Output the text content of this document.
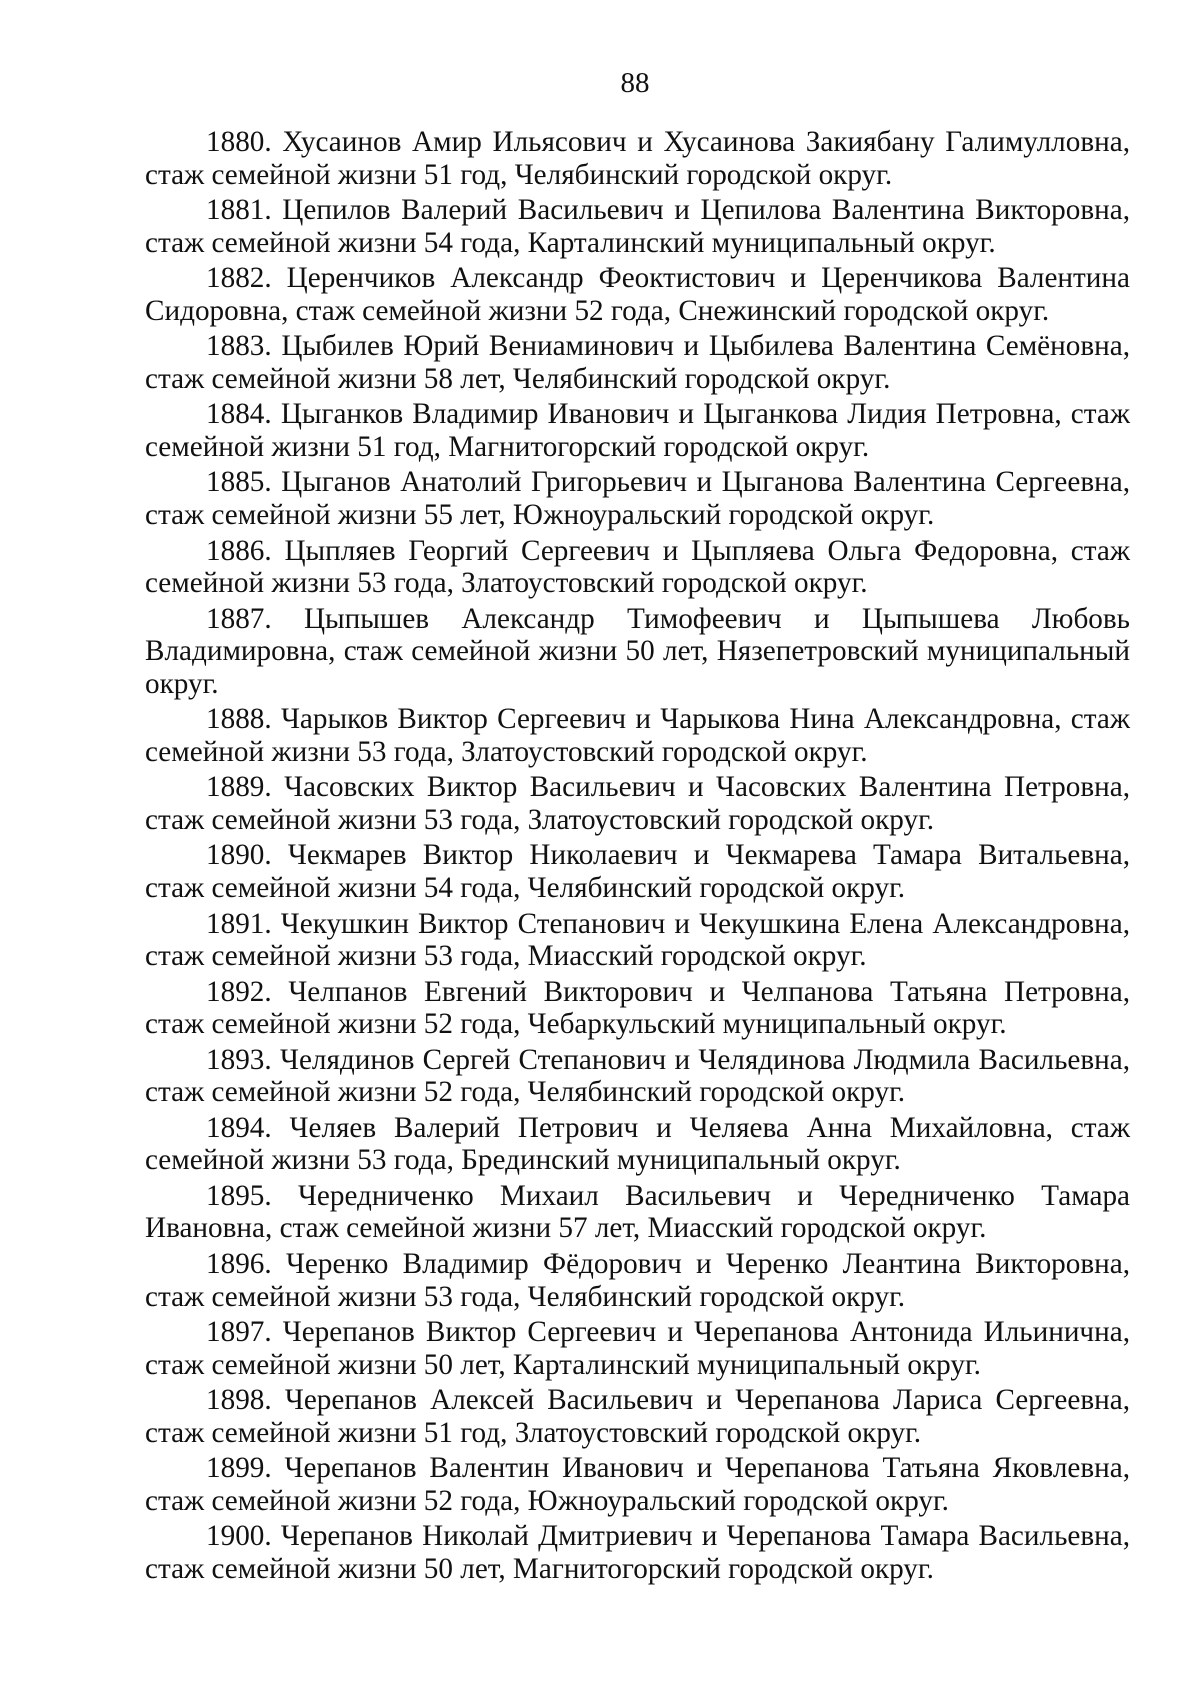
88

1880. Хусаинов Амир Ильясович и Хусаинова Закиябану Галимулловна, стаж семейной жизни 51 год, Челябинский городской округ.

1881. Цепилов Валерий Васильевич и Цепилова Валентина Викторовна, стаж семейной жизни 54 года, Карталинский муниципальный округ.

1882. Церенчиков Александр Феоктистович и Церенчикова Валентина Сидоровна, стаж семейной жизни 52 года, Снежинский городской округ.

1883. Цыбилев Юрий Вениаминович и Цыбилева Валентина Семёновна, стаж семейной жизни 58 лет, Челябинский городской округ.

1884. Цыганков Владимир Иванович и Цыганкова Лидия Петровна, стаж семейной жизни 51 год, Магнитогорский городской округ.

1885. Цыганов Анатолий Григорьевич и Цыганова Валентина Сергеевна, стаж семейной жизни 55 лет, Южноуральский городской округ.

1886. Цыпляев Георгий Сергеевич и Цыпляева Ольга Федоровна, стаж семейной жизни 53 года, Златоустовский городской округ.

1887. Цыпышев Александр Тимофеевич и Цыпышева Любовь Владимировна, стаж семейной жизни 50 лет, Нязепетровский муниципальный округ.

1888. Чарыков Виктор Сергеевич и Чарыкова Нина Александровна, стаж семейной жизни 53 года, Златоустовский городской округ.

1889. Часовских Виктор Васильевич и Часовских Валентина Петровна, стаж семейной жизни 53 года, Златоустовский городской округ.

1890. Чекмарев Виктор Николаевич и Чекмарева Тамара Витальевна, стаж семейной жизни 54 года, Челябинский городской округ.

1891. Чекушкин Виктор Степанович и Чекушкина Елена Александровна, стаж семейной жизни 53 года, Миасский городской округ.

1892. Челпанов Евгений Викторович и Челпанова Татьяна Петровна, стаж семейной жизни 52 года, Чебаркульский муниципальный округ.

1893. Челядинов Сергей Степанович и Челядинова Людмила Васильевна, стаж семейной жизни 52 года, Челябинский городской округ.

1894. Челяев Валерий Петрович и Челяева Анна Михайловна, стаж семейной жизни 53 года, Брединский муниципальный округ.

1895. Чередниченко Михаил Васильевич и Чередниченко Тамара Ивановна, стаж семейной жизни 57 лет, Миасский городской округ.

1896. Черенко Владимир Фёдорович и Черенко Леантина Викторовна, стаж семейной жизни 53 года, Челябинский городской округ.

1897. Черепанов Виктор Сергеевич и Черепанова Антонида Ильинична, стаж семейной жизни 50 лет, Карталинский муниципальный округ.

1898. Черепанов Алексей Васильевич и Черепанова Лариса Сергеевна, стаж семейной жизни 51 год, Златоустовский городской округ.

1899. Черепанов Валентин Иванович и Черепанова Татьяна Яковлевна, стаж семейной жизни 52 года, Южноуральский городской округ.

1900. Черепанов Николай Дмитриевич и Черепанова Тамара Васильевна, стаж семейной жизни 50 лет, Магнитогорский городской округ.
